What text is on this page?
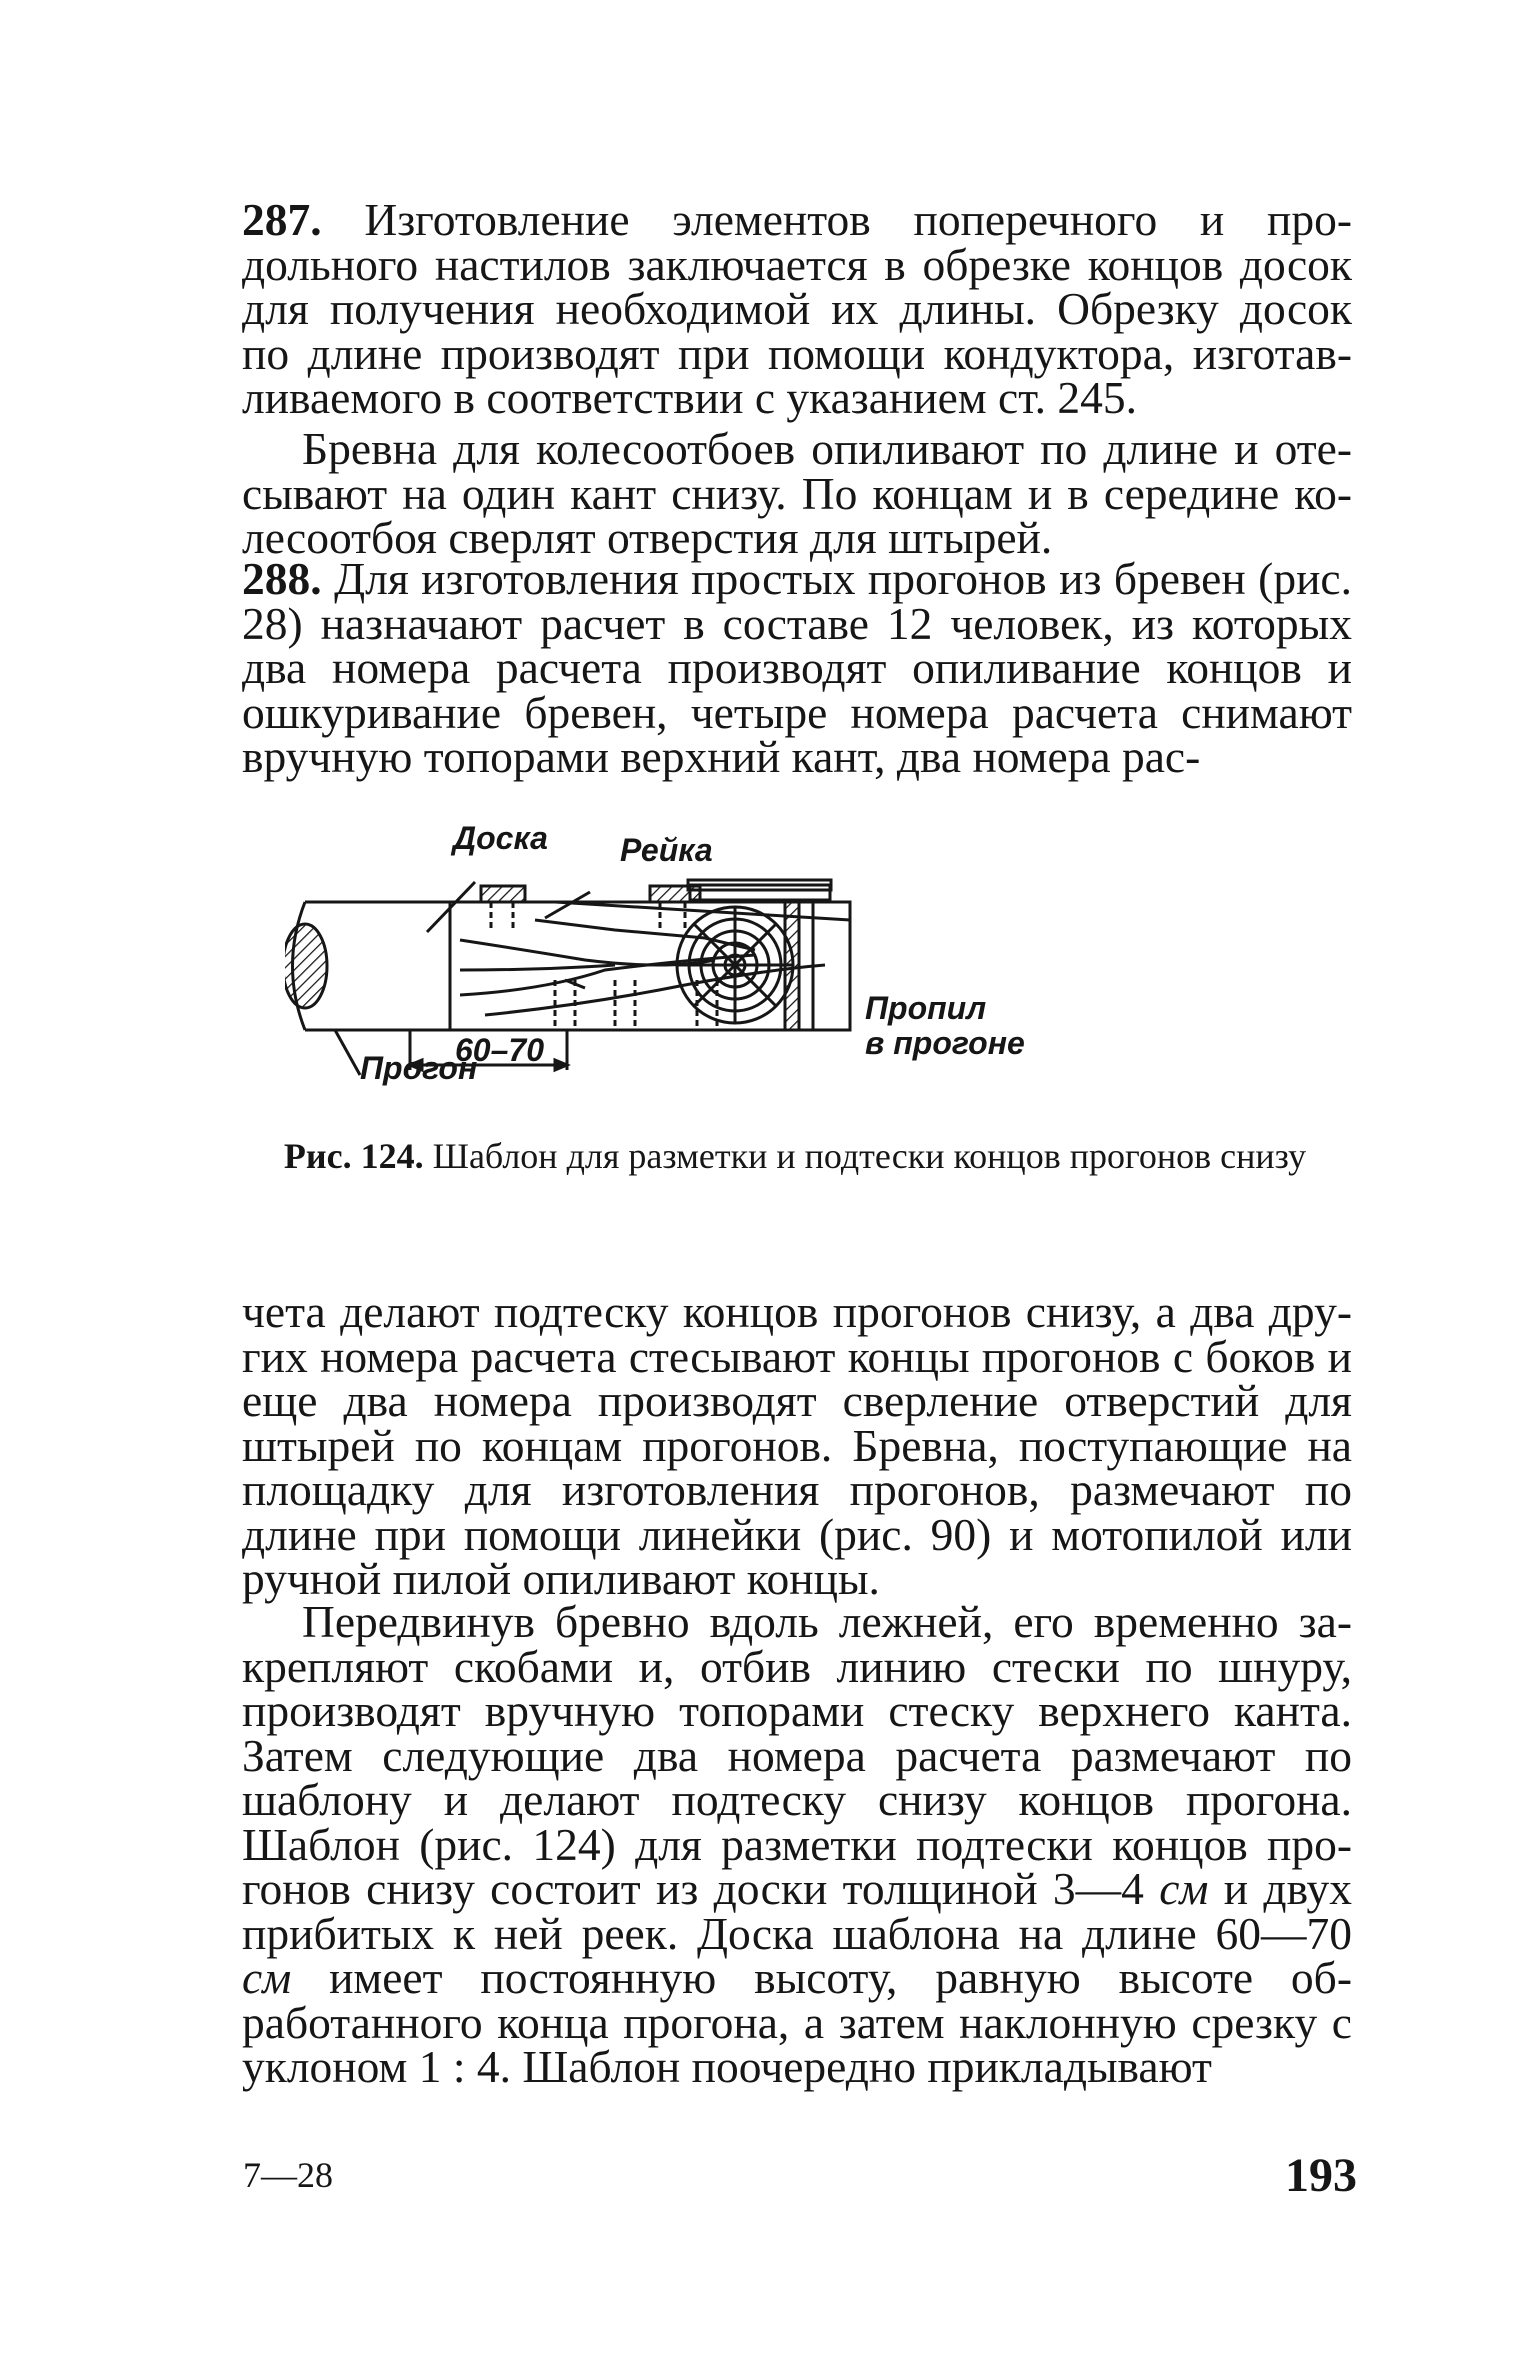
287. Изготовление элементов поперечного и продольного настилов заключается в обрезке концов досок для получения необходимой их длины. Обрезку досок по длине производят при помощи кондуктора, изготавливаемого в соответствии с указанием ст. 245.

Бревна для колесоотбоев опиливают по длине и отесывают на один кант снизу. По концам и в середине колесоотбоя сверлят отверстия для штырей.

288. Для изготовления простых прогонов из бревен (рис. 28) назначают расчет в составе 12 человек, из которых два номера расчета производят опиливание концов и ошкуривание бревен, четыре номера расчета снимают вручную топорами верхний кант, два номера рас-

Доска Рейка
Пропил
в прогоне
Прогон
60–70

Рис. 124. Шаблон для разметки и подтески концов прогонов снизу

чета делают подтеску концов прогонов снизу, а два других номера расчета стесывают концы прогонов с боков и еще два номера производят сверление отверстий для штырей по концам прогонов. Бревна, поступающие на площадку для изготовления прогонов, размечают по длине при помощи линейки (рис. 90) и мотопилой или ручной пилой опиливают концы.

Передвинув бревно вдоль лежней, его временно закрепляют скобами и, отбив линию стески по шнуру, производят вручную топорами стеску верхнего канта. Затем следующие два номера расчета размечают по шаблону и делают подтеску снизу концов прогона. Шаблон (рис. 124) для разметки подтески концов прогонов снизу состоит из доски толщиной 3—4 см и двух прибитых к ней реек. Доска шаблона на длине 60—70 см имеет постоянную высоту, равную высоте обработанного конца прогона, а затем наклонную срезку с уклоном 1 : 4. Шаблон поочередно прикладывают

7—28	193
